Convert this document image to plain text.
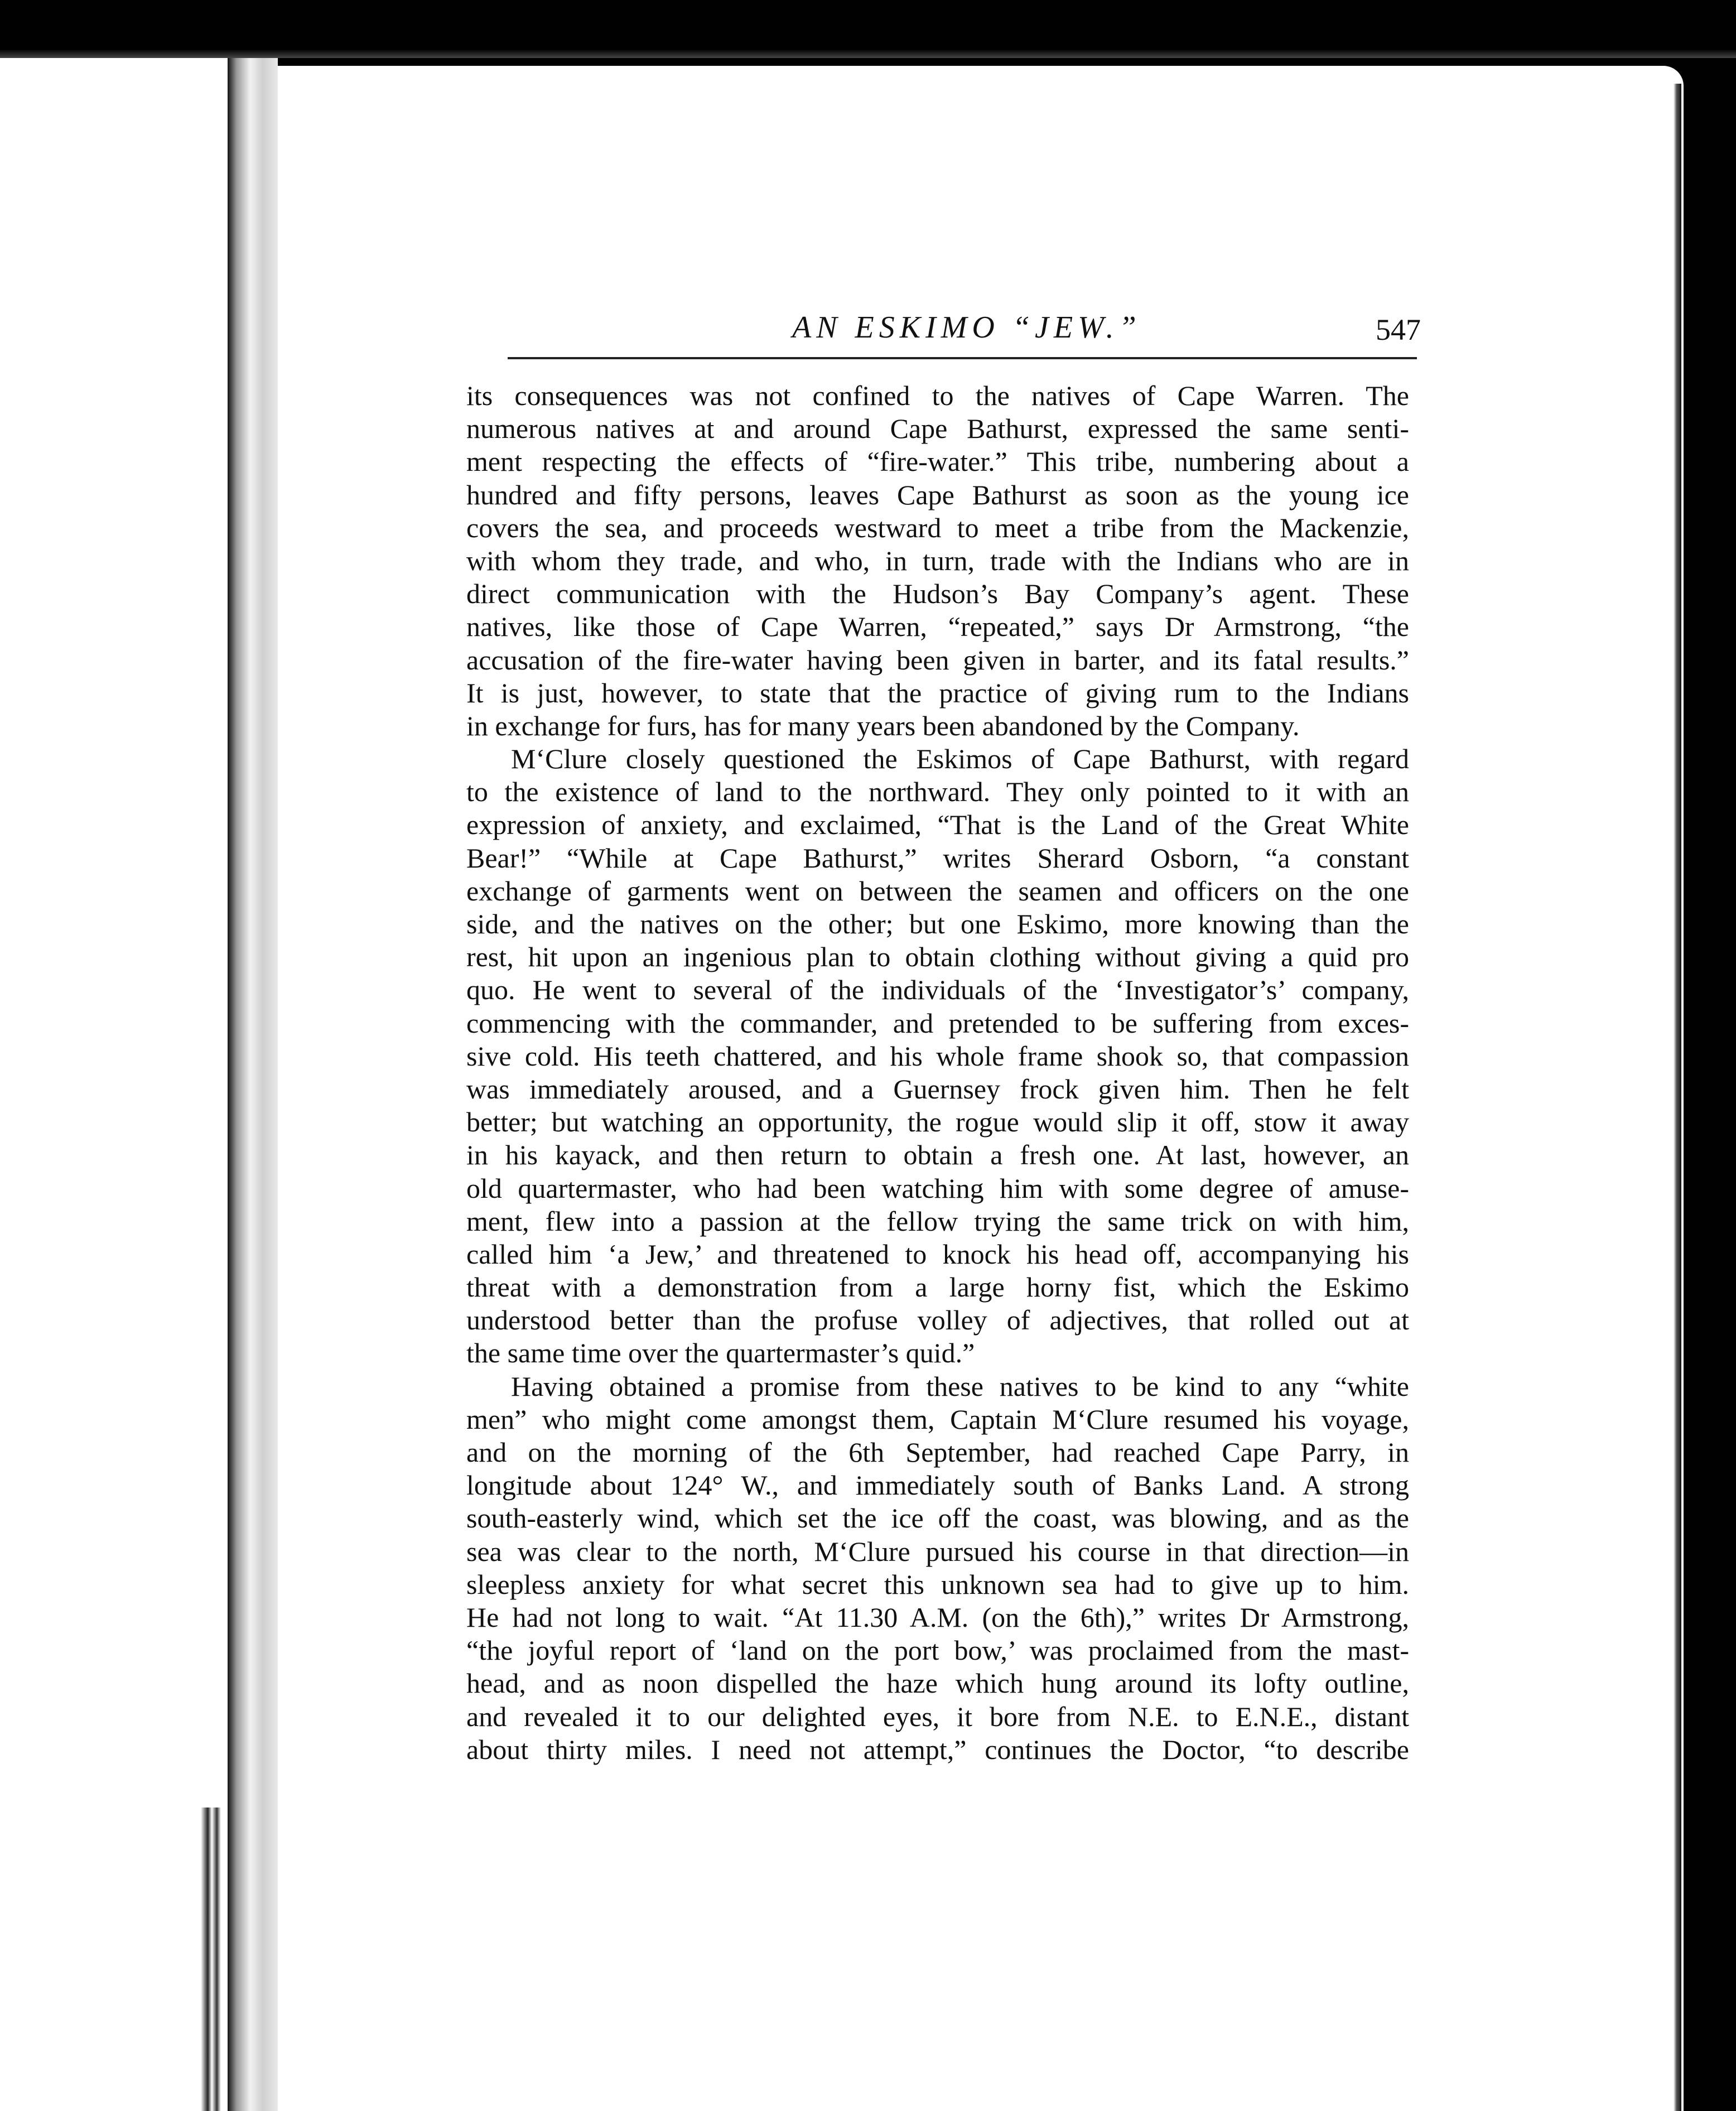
AN ESKIMO “JEW.”	547
its consequences was not confined to the natives of Cape Warren. The
numerous natives at and around Cape Bathurst, expressed the same senti-
ment respecting the effects of “fire-water.” This tribe, numbering about a
hundred and fifty persons, leaves Cape Bathurst as soon as the young ice
covers the sea, and proceeds westward to meet a tribe from the Mackenzie,
with whom they trade, and who, in turn, trade with the Indians who are in
direct communication with the Hudson’s Bay Company’s agent. These
natives, like those of Cape Warren, “repeated,” says Dr Armstrong, “the
accusation of the fire-water having been given in barter, and its fatal results.”
It is just, however, to state that the practice of giving rum to the Indians
in exchange for furs, has for many years been abandoned by the Company.
M‘Clure closely questioned the Eskimos of Cape Bathurst, with regard
to the existence of land to the northward. They only pointed to it with an
expression of anxiety, and exclaimed, “That is the Land of the Great White
Bear!” “While at Cape Bathurst,” writes Sherard Osborn, “a constant
exchange of garments went on between the seamen and officers on the one
side, and the natives on the other; but one Eskimo, more knowing than the
rest, hit upon an ingenious plan to obtain clothing without giving a quid pro
quo. He went to several of the individuals of the ‘Investigator’s’ company,
commencing with the commander, and pretended to be suffering from exces-
sive cold. His teeth chattered, and his whole frame shook so, that compassion
was immediately aroused, and a Guernsey frock given him. Then he felt
better; but watching an opportunity, the rogue would slip it off, stow it away
in his kayack, and then return to obtain a fresh one. At last, however, an
old quartermaster, who had been watching him with some degree of amuse-
ment, flew into a passion at the fellow trying the same trick on with him,
called him ‘a Jew,’ and threatened to knock his head off, accompanying his
threat with a demonstration from a large horny fist, which the Eskimo
understood better than the profuse volley of adjectives, that rolled out at
the same time over the quartermaster’s quid.”
Having obtained a promise from these natives to be kind to any “white
men” who might come amongst them, Captain M‘Clure resumed his voyage,
and on the morning of the 6th September, had reached Cape Parry, in
longitude about 124° W., and immediately south of Banks Land. A strong
south-easterly wind, which set the ice off the coast, was blowing, and as the
sea was clear to the north, M‘Clure pursued his course in that direction—in
sleepless anxiety for what secret this unknown sea had to give up to him.
He had not long to wait. “At 11.30 A.M. (on the 6th),” writes Dr Armstrong,
“the joyful report of ‘land on the port bow,’ was proclaimed from the mast-
head, and as noon dispelled the haze which hung around its lofty outline,
and revealed it to our delighted eyes, it bore from N.E. to E.N.E., distant
about thirty miles. I need not attempt,” continues the Doctor, “to describe
